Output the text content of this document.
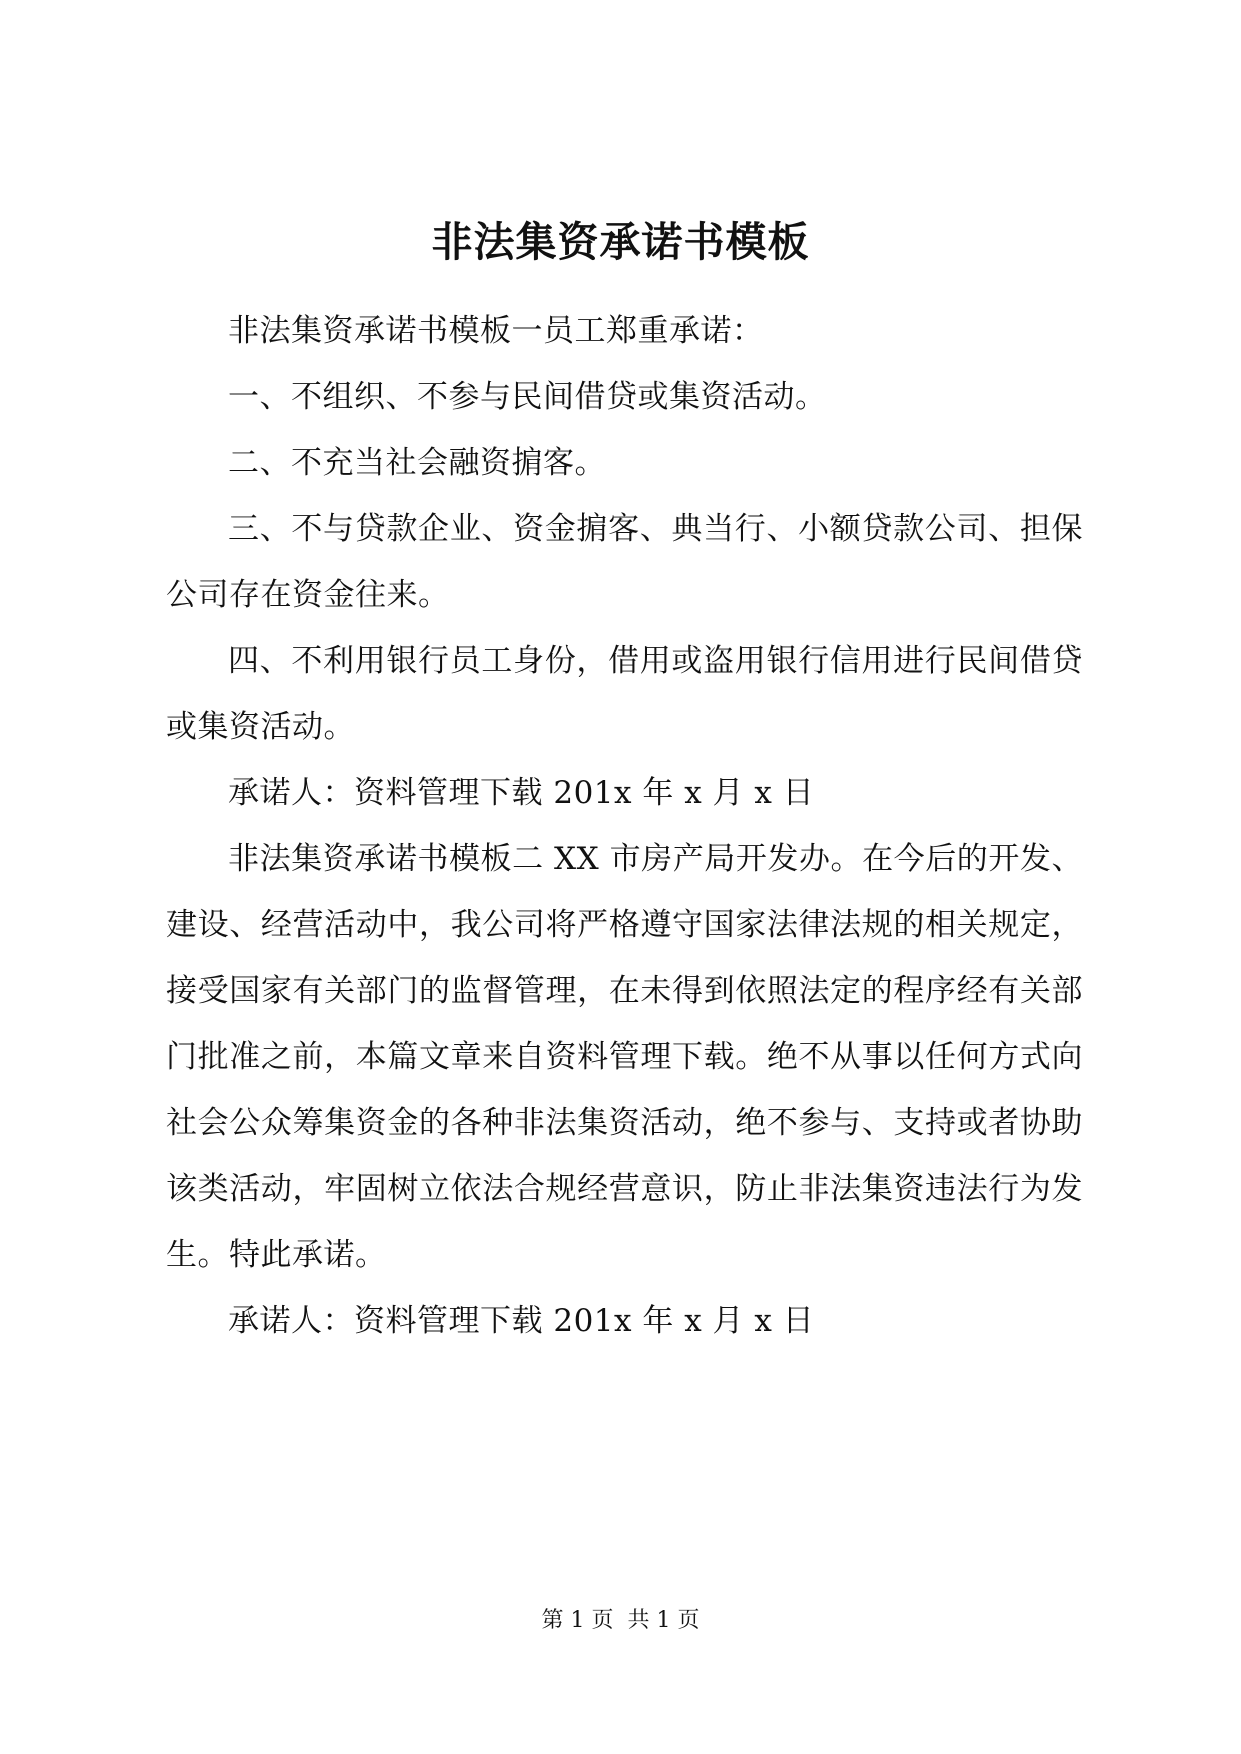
非法集资承诺书模板

非法集资承诺书模板一员工郑重承诺：

一、不组织、不参与民间借贷或集资活动。

二、不充当社会融资掮客。

三、不与贷款企业、资金掮客、典当行、小额贷款公司、担保公司存在资金往来。

四、不利用银行员工身份，借用或盗用银行信用进行民间借贷或集资活动。

承诺人：资料管理下载 201x 年 x 月 x 日

非法集资承诺书模板二 XX 市房产局开发办。在今后的开发、建设、经营活动中，我公司将严格遵守国家法律法规的相关规定，接受国家有关部门的监督管理，在未得到依照法定的程序经有关部门批准之前，本篇文章来自资料管理下载。绝不从事以任何方式向社会公众筹集资金的各种非法集资活动，绝不参与、支持或者协助该类活动，牢固树立依法合规经营意识，防止非法集资违法行为发生。特此承诺。

承诺人：资料管理下载 201x 年 x 月 x 日

第 1 页  共 1 页
